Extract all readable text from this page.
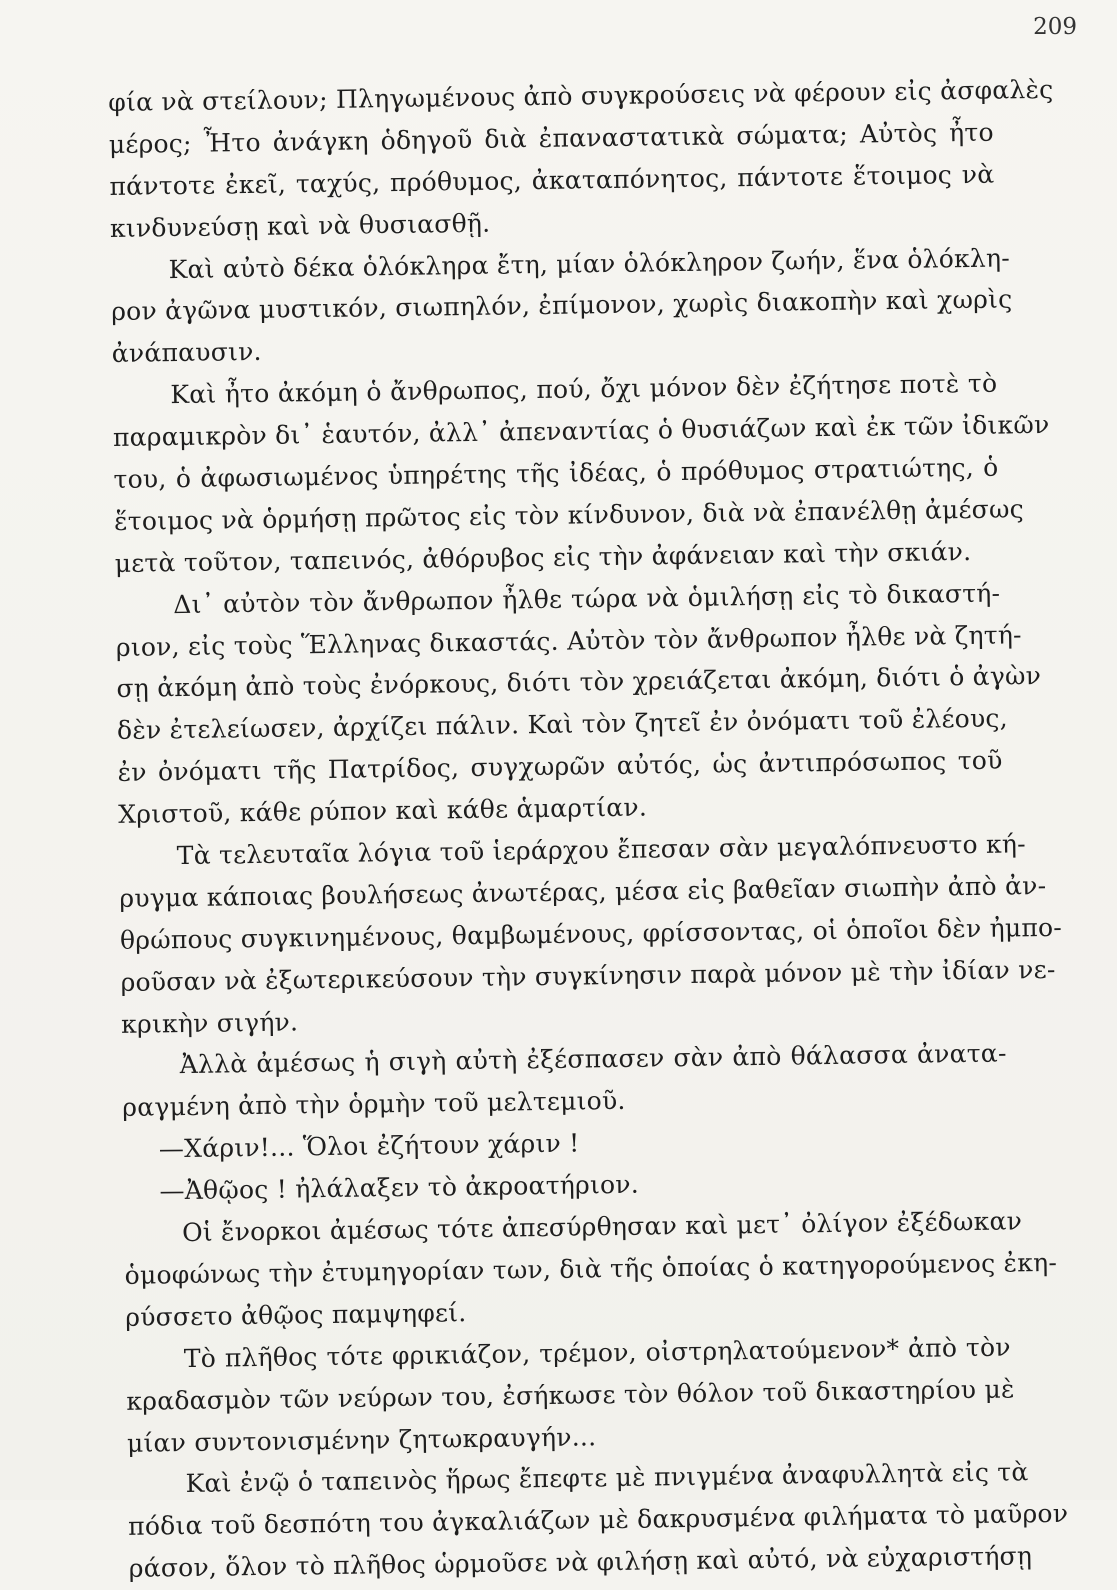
209
φία νὰ στείλουν; Πληγωμένους ἀπὸ συγκρούσεις νὰ φέρουν εἰς ἀσφαλὲς
μέρος; Ἦτο ἀνάγκη ὁδηγοῦ διὰ ἐπαναστατικὰ σώματα; Αὐτὸς ἦτο
πάντοτε ἐκεῖ, ταχύς, πρόθυμος, ἀκαταπόνητος, πάντοτε ἕτοιμος νὰ
κινδυνεύσῃ καὶ νὰ θυσιασθῇ.
Καὶ αὐτὸ δέκα ὁλόκληρα ἔτη, μίαν ὁλόκληρον ζωήν, ἕνα ὁλόκλη-
ρον ἀγῶνα μυστικόν, σιωπηλόν, ἐπίμονον, χωρὶς διακοπὴν καὶ χωρὶς
ἀνάπαυσιν.
Καὶ ἦτο ἀκόμη ὁ ἄνθρωπος, πού, ὄχι μόνον δὲν ἐζήτησε ποτὲ τὸ
παραμικρὸν δι᾽ ἑαυτόν, ἀλλ᾽ ἀπεναντίας ὁ θυσιάζων καὶ ἐκ τῶν ἰδικῶν
του, ὁ ἀφωσιωμένος ὑπηρέτης τῆς ἰδέας, ὁ πρόθυμος στρατιώτης, ὁ
ἕτοιμος νὰ ὁρμήσῃ πρῶτος εἰς τὸν κίνδυνον, διὰ νὰ ἐπανέλθῃ ἀμέσως
μετὰ τοῦτον, ταπεινός, ἀθόρυβος εἰς τὴν ἀφάνειαν καὶ τὴν σκιάν.
Δι᾽ αὐτὸν τὸν ἄνθρωπον ἦλθε τώρα νὰ ὁμιλήσῃ εἰς τὸ δικαστή-
ριον, εἰς τοὺς Ἕλληνας δικαστάς. Αὐτὸν τὸν ἄνθρωπον ἦλθε νὰ ζητή-
σῃ ἀκόμη ἀπὸ τοὺς ἐνόρκους, διότι τὸν χρειάζεται ἀκόμη, διότι ὁ ἀγὼν
δὲν ἐτελείωσεν, ἀρχίζει πάλιν. Καὶ τὸν ζητεῖ ἐν ὀνόματι τοῦ ἐλέους,
ἐν ὀνόματι τῆς Πατρίδος, συγχωρῶν αὐτός, ὡς ἀντιπρόσωπος τοῦ
Χριστοῦ, κάθε ρύπον καὶ κάθε ἁμαρτίαν.
Τὰ τελευταῖα λόγια τοῦ ἱεράρχου ἔπεσαν σὰν μεγαλόπνευστο κή-
ρυγμα κάποιας βουλήσεως ἀνωτέρας, μέσα εἰς βαθεῖαν σιωπὴν ἀπὸ ἀν-
θρώπους συγκινημένους, θαμβωμένους, φρίσσοντας, οἱ ὁποῖοι δὲν ἠμπο-
ροῦσαν νὰ ἐξωτερικεύσουν τὴν συγκίνησιν παρὰ μόνον μὲ τὴν ἰδίαν νε-
κρικὴν σιγήν.
Ἀλλὰ ἀμέσως ἡ σιγὴ αὐτὴ ἐξέσπασεν σὰν ἀπὸ θάλασσα ἀνατα-
ραγμένη ἀπὸ τὴν ὁρμὴν τοῦ μελτεμιοῦ.
—Χάριν!... Ὅλοι ἐζήτουν χάριν !
—Ἀθῷος ! ἠλάλαξεν τὸ ἀκροατήριον.
Οἱ ἔνορκοι ἀμέσως τότε ἀπεσύρθησαν καὶ μετ᾽ ὀλίγον ἐξέδωκαν
ὁμοφώνως τὴν ἐτυμηγορίαν των, διὰ τῆς ὁποίας ὁ κατηγορούμενος ἐκη-
ρύσσετο ἀθῷος παμψηφεί.
Τὸ πλῆθος τότε φρικιάζον, τρέμον, οἰστρηλατούμενον* ἀπὸ τὸν
κραδασμὸν τῶν νεύρων του, ἐσήκωσε τὸν θόλον τοῦ δικαστηρίου μὲ
μίαν συντονισμένην ζητωκραυγήν...
Καὶ ἐνῷ ὁ ταπεινὸς ἥρως ἔπεφτε μὲ πνιγμένα ἀναφυλλητὰ εἰς τὰ
πόδια τοῦ δεσπότη του ἀγκαλιάζων μὲ δακρυσμένα φιλήματα τὸ μαῦρον
ράσον, ὅλον τὸ πλῆθος ὡρμοῦσε νὰ φιλήσῃ καὶ αὐτό, νὰ εὐχαριστήσῃ
